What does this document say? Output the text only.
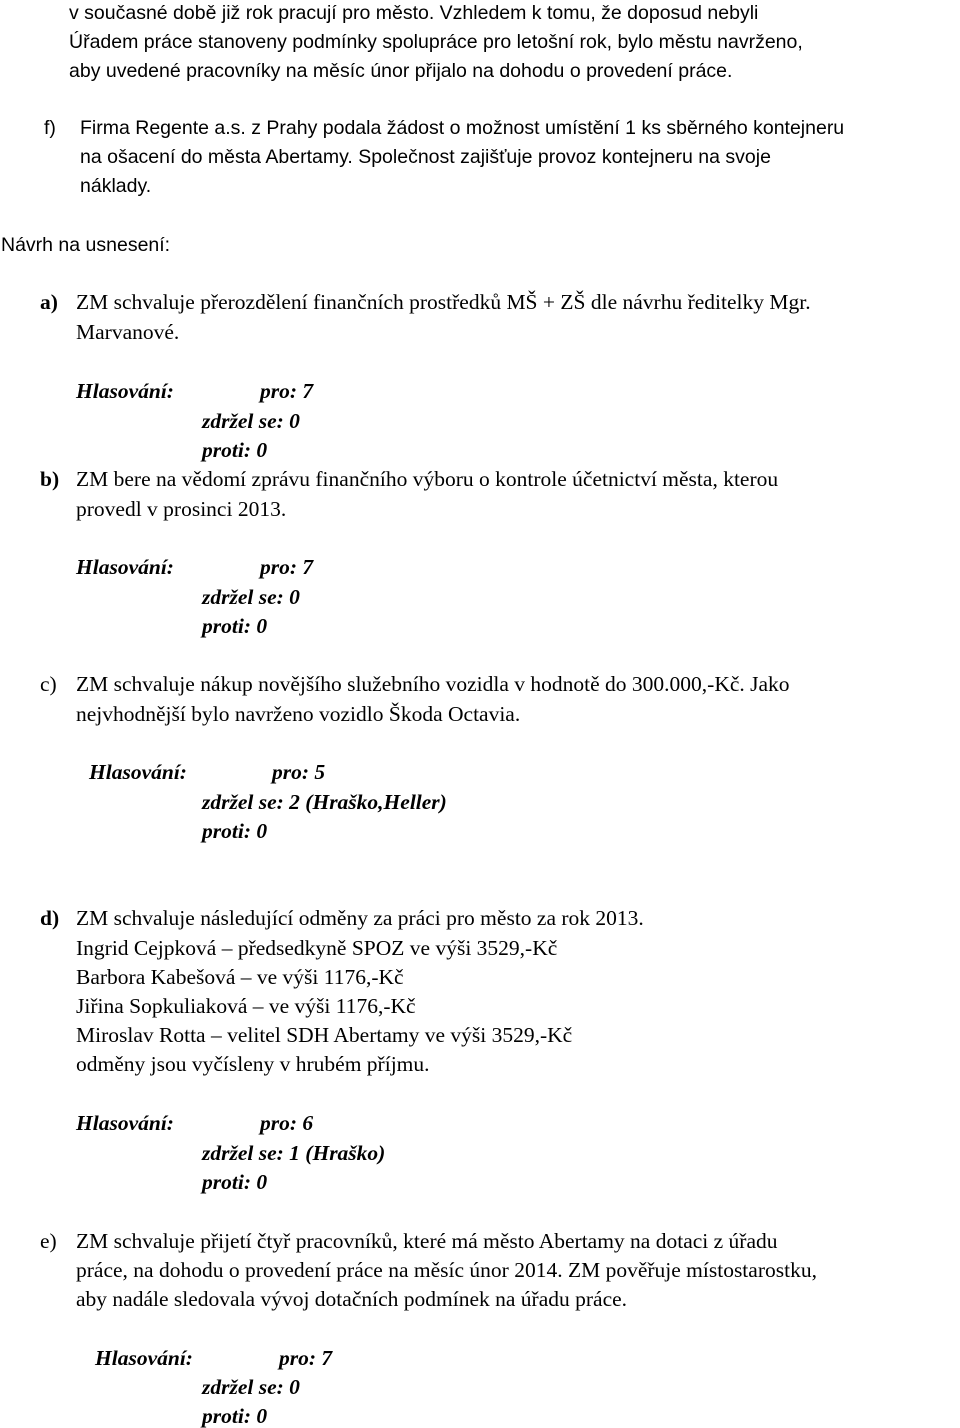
v současné době již rok pracují pro město. Vzhledem k tomu, že doposud nebyli
Úřadem práce stanoveny podmínky spolupráce pro letošní rok, bylo městu navrženo,
aby uvedené pracovníky na měsíc únor přijalo na dohodu o provedení práce.
f) Firma Regente a.s. z Prahy podala žádost o možnost umístění 1 ks sběrného kontejneru
na ošacení do města Abertamy. Společnost zajišťuje provoz kontejneru na svoje
náklady.
Návrh na usnesení:
a) ZM schvaluje přerozdělení finančních prostředků MŠ + ZŠ dle návrhu ředitelky Mgr.
Marvanové.
Hlasování:	pro: 7
zdržel se: 0
proti: 0
b) ZM bere na vědomí zprávu finančního výboru o kontrole účetnictví města, kterou
provedl v prosinci 2013.
Hlasování:	pro: 7
zdržel se: 0
proti: 0
c) ZM schvaluje nákup novějšího služebního vozidla v hodnotě do 300.000,-Kč. Jako
nejvhodnější bylo navrženo vozidlo Škoda Octavia.
Hlasování:	pro: 5
zdržel se: 2 (Hraško,Heller)
proti: 0
d) ZM schvaluje následující odměny za práci pro město za rok 2013.
Ingrid Cejpková – předsedkyně SPOZ ve výši 3529,-Kč
Barbora Kabešová – ve výši 1176,-Kč
Jiřina Sopkuliaková – ve výši 1176,-Kč
Miroslav Rotta – velitel SDH Abertamy ve výši 3529,-Kč
odměny jsou vyčísleny v hrubém příjmu.
Hlasování:	pro: 6
zdržel se: 1 (Hraško)
proti: 0
e) ZM schvaluje přijetí čtyř pracovníků, které má město Abertamy na dotaci z úřadu
práce, na dohodu o provedení práce na měsíc únor 2014. ZM pověřuje místostarostku,
aby nadále sledovala vývoj dotačních podmínek na úřadu práce.
Hlasování:	pro: 7
zdržel se: 0
proti: 0
